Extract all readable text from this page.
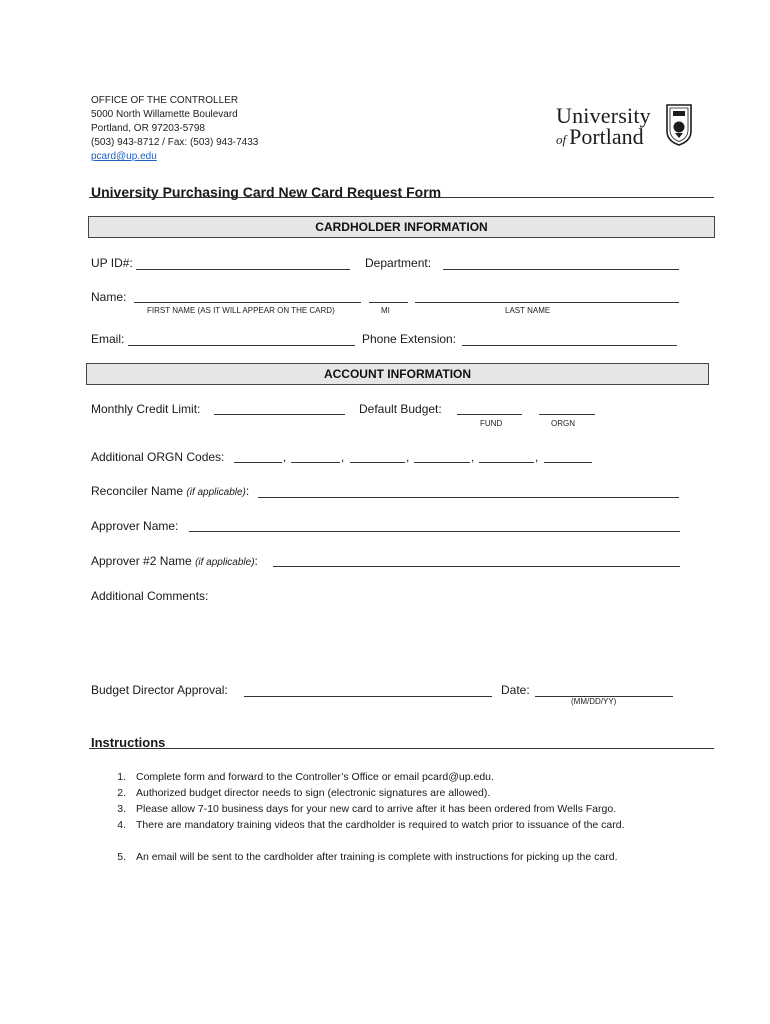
OFFICE OF THE CONTROLLER
5000 North Willamette Boulevard
Portland, OR 97203-5798
(503) 943-8712 / Fax: (503) 943-7433
pcard@up.edu
University
of Portland
University Purchasing Card New Card Request Form
CARDHOLDER INFORMATION
UP ID#:	Department:
Name:
FIRST NAME (AS IT WILL APPEAR ON THE CARD)	MI	LAST NAME
Email:	Phone Extension:
ACCOUNT INFORMATION
Monthly Credit Limit:	Default Budget:
FUND	ORGN
Additional ORGN Codes:	,	,	,	,	,
Reconciler Name (if applicable):
Approver Name:
Approver #2 Name (if applicable):
Additional Comments:
Budget Director Approval:	Date:
(MM/DD/YY)
Instructions
1. Complete form and forward to the Controller’s Office or email pcard@up.edu.
2. Authorized budget director needs to sign (electronic signatures are allowed).
3. Please allow 7-10 business days for your new card to arrive after it has been ordered from Wells Fargo.
4. There are mandatory training videos that the cardholder is required to watch prior to issuance of the card.
5. An email will be sent to the cardholder after training is complete with instructions for picking up the card.
